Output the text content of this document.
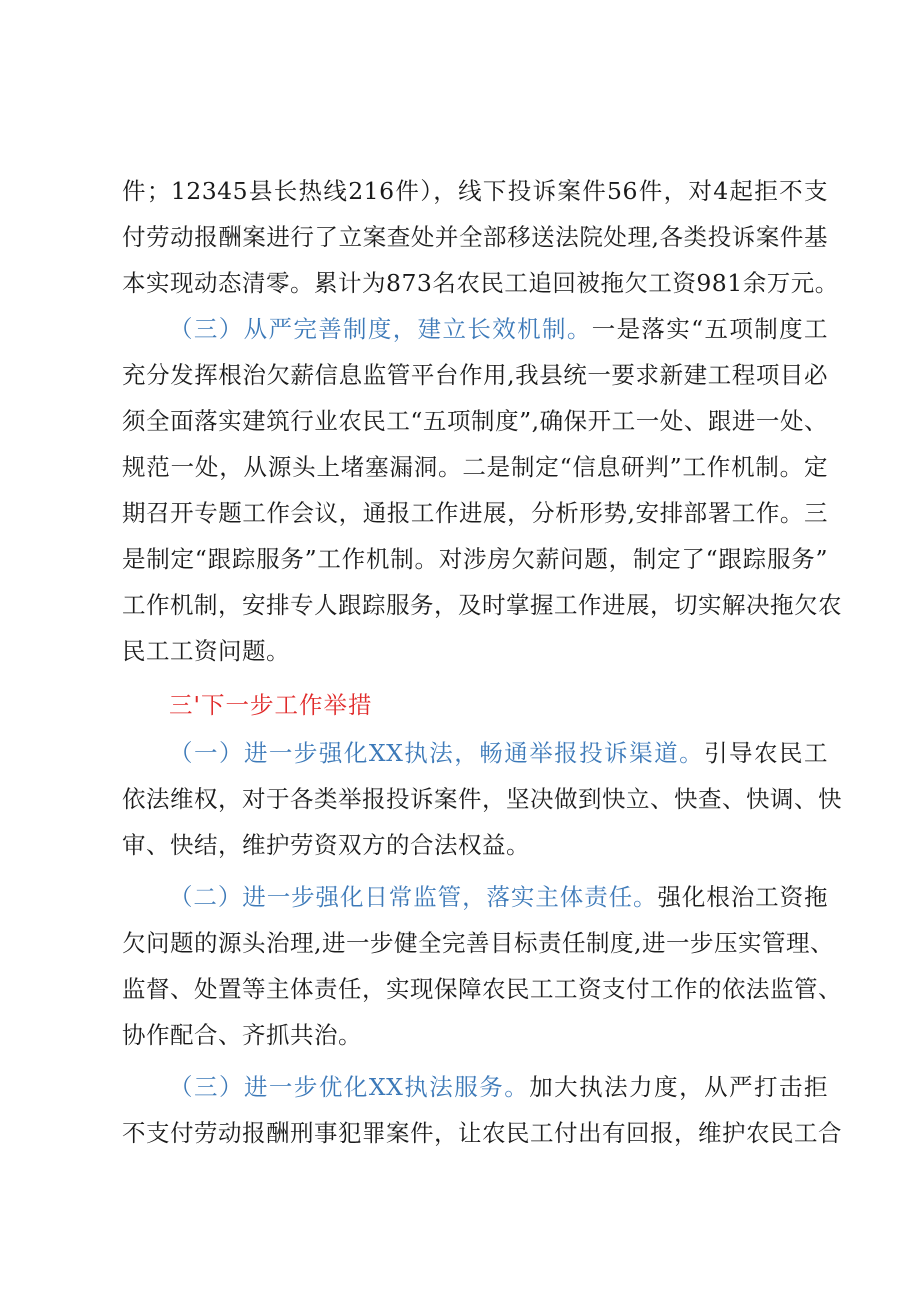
件；12345县长热线216件），线下投诉案件56件，对4起拒不支
付劳动报酬案进行了立案查处并全部移送法院处理,各类投诉案件基
本实现动态清零。累计为873名农民工追回被拖欠工资981余万元。
（三）从严完善制度，建立长效机制。一是落实“五项制度工
充分发挥根治欠薪信息监管平台作用,我县统一要求新建工程项目必
须全面落实建筑行业农民工“五项制度”,确保开工一处、跟进一处、
规范一处，从源头上堵塞漏洞。二是制定“信息研判”工作机制。定
期召开专题工作会议，通报工作进展，分析形势,安排部署工作。三
是制定“跟踪服务”工作机制。对涉房欠薪问题，制定了“跟踪服务”
工作机制，安排专人跟踪服务，及时掌握工作进展，切实解决拖欠农
民工工资问题。
三'下一步工作举措
（一）进一步强化XX执法，畅通举报投诉渠道。引导农民工
依法维权，对于各类举报投诉案件，坚决做到快立、快查、快调、快
审、快结，维护劳资双方的合法权益。
（二）进一步强化日常监管，落实主体责任。强化根治工资拖
欠问题的源头治理,进一步健全完善目标责任制度,进一步压实管理、
监督、处置等主体责任，实现保障农民工工资支付工作的依法监管、
协作配合、齐抓共治。
（三）进一步优化XX执法服务。加大执法力度，从严打击拒
不支付劳动报酬刑事犯罪案件，让农民工付出有回报，维护农民工合
